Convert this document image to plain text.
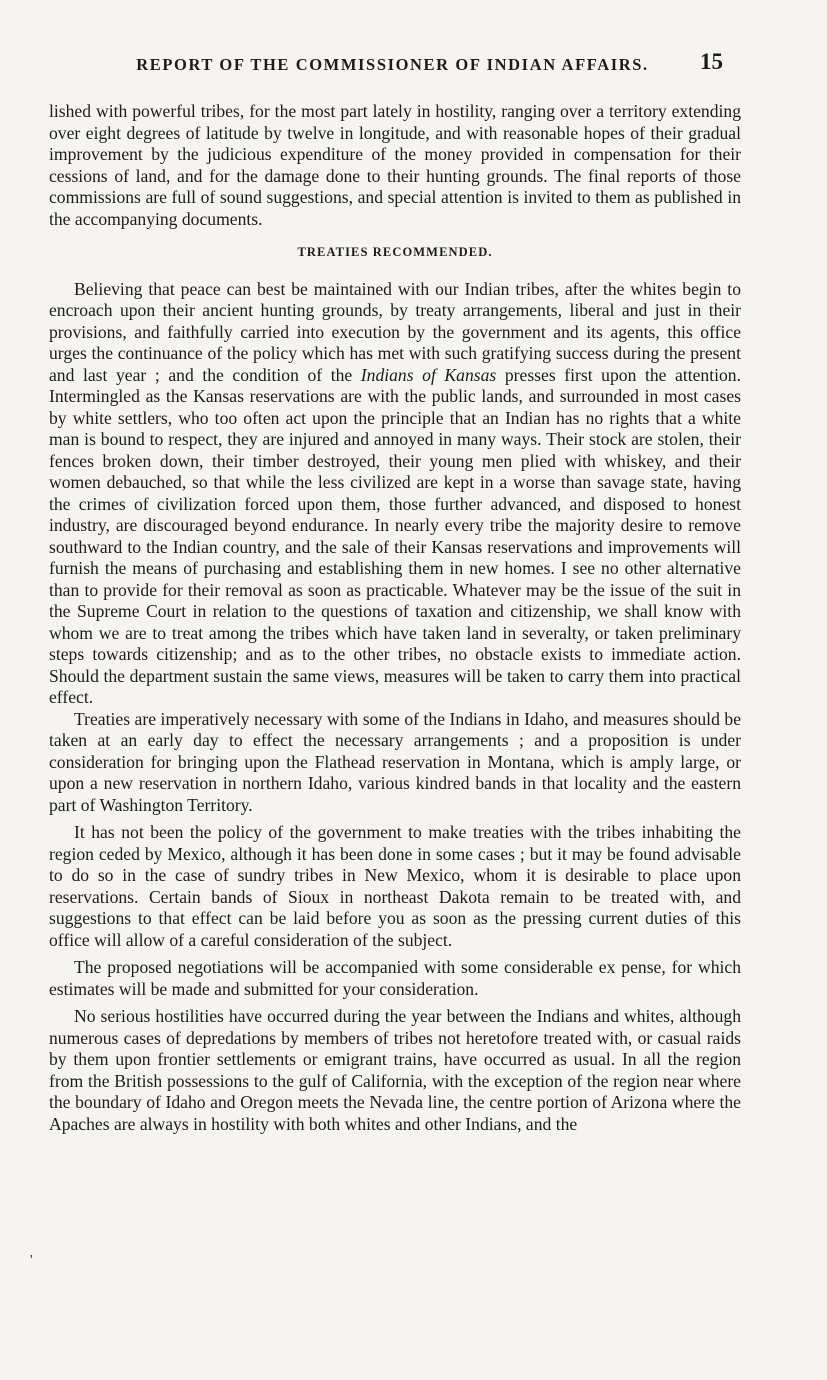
REPORT OF THE COMMISSIONER OF INDIAN AFFAIRS.	15

lished with powerful tribes, for the most part lately in hostility, ranging over a territory extending over eight degrees of latitude by twelve in longitude, and with reasonable hopes of their gradual improvement by the judicious expenditure of the money provided in compensation for their cessions of land, and for the damage done to their hunting grounds. The final reports of those commissions are full of sound suggestions, and special attention is invited to them as published in the accompanying documents.

TREATIES RECOMMENDED.

Believing that peace can best be maintained with our Indian tribes, after the whites begin to encroach upon their ancient hunting grounds, by treaty arrangements, liberal and just in their provisions, and faithfully carried into execution by the government and its agents, this office urges the continuance of the policy which has met with such gratifying success during the present and last year ; and the condition of the Indians of Kansas presses first upon the attention. Intermingled as the Kansas reservations are with the public lands, and surrounded in most cases by white settlers, who too often act upon the principle that an Indian has no rights that a white man is bound to respect, they are injured and annoyed in many ways. Their stock are stolen, their fences broken down, their timber destroyed, their young men plied with whiskey, and their women debauched, so that while the less civilized are kept in a worse than savage state, having the crimes of civilization forced upon them, those further advanced, and disposed to honest industry, are discouraged beyond endurance. In nearly every tribe the majority desire to remove southward to the Indian country, and the sale of their Kansas reservations and improvements will furnish the means of purchasing and establishing them in new homes. I see no other alternative than to provide for their removal as soon as practicable. Whatever may be the issue of the suit in the Supreme Court in relation to the questions of taxation and citizenship, we shall know with whom we are to treat among the tribes which have taken land in severalty, or taken preliminary steps towards citizenship; and as to the other tribes, no obstacle exists to immediate action. Should the department sustain the same views, measures will be taken to carry them into practical effect.

Treaties are imperatively necessary with some of the Indians in Idaho, and measures should be taken at an early day to effect the necessary arrangements ; and a proposition is under consideration for bringing upon the Flathead reservation in Montana, which is amply large, or upon a new reservation in northern Idaho, various kindred bands in that locality and the eastern part of Washington Territory.

It has not been the policy of the government to make treaties with the tribes inhabiting the region ceded by Mexico, although it has been done in some cases ; but it may be found advisable to do so in the case of sundry tribes in New Mexico, whom it is desirable to place upon reservations. Certain bands of Sioux in northeast Dakota remain to be treated with, and suggestions to that effect can be laid before you as soon as the pressing current duties of this office will allow of a careful consideration of the subject.

The proposed negotiations will be accompanied with some considerable ex pense, for which estimates will be made and submitted for your consideration.

No serious hostilities have occurred during the year between the Indians and whites, although numerous cases of depredations by members of tribes not heretofore treated with, or casual raids by them upon frontier settlements or emigrant trains, have occurred as usual. In all the region from the British possessions to the gulf of California, with the exception of the region near where the boundary of Idaho and Oregon meets the Nevada line, the centre portion of Arizona where the Apaches are always in hostility with both whites and other Indians, and the

'
